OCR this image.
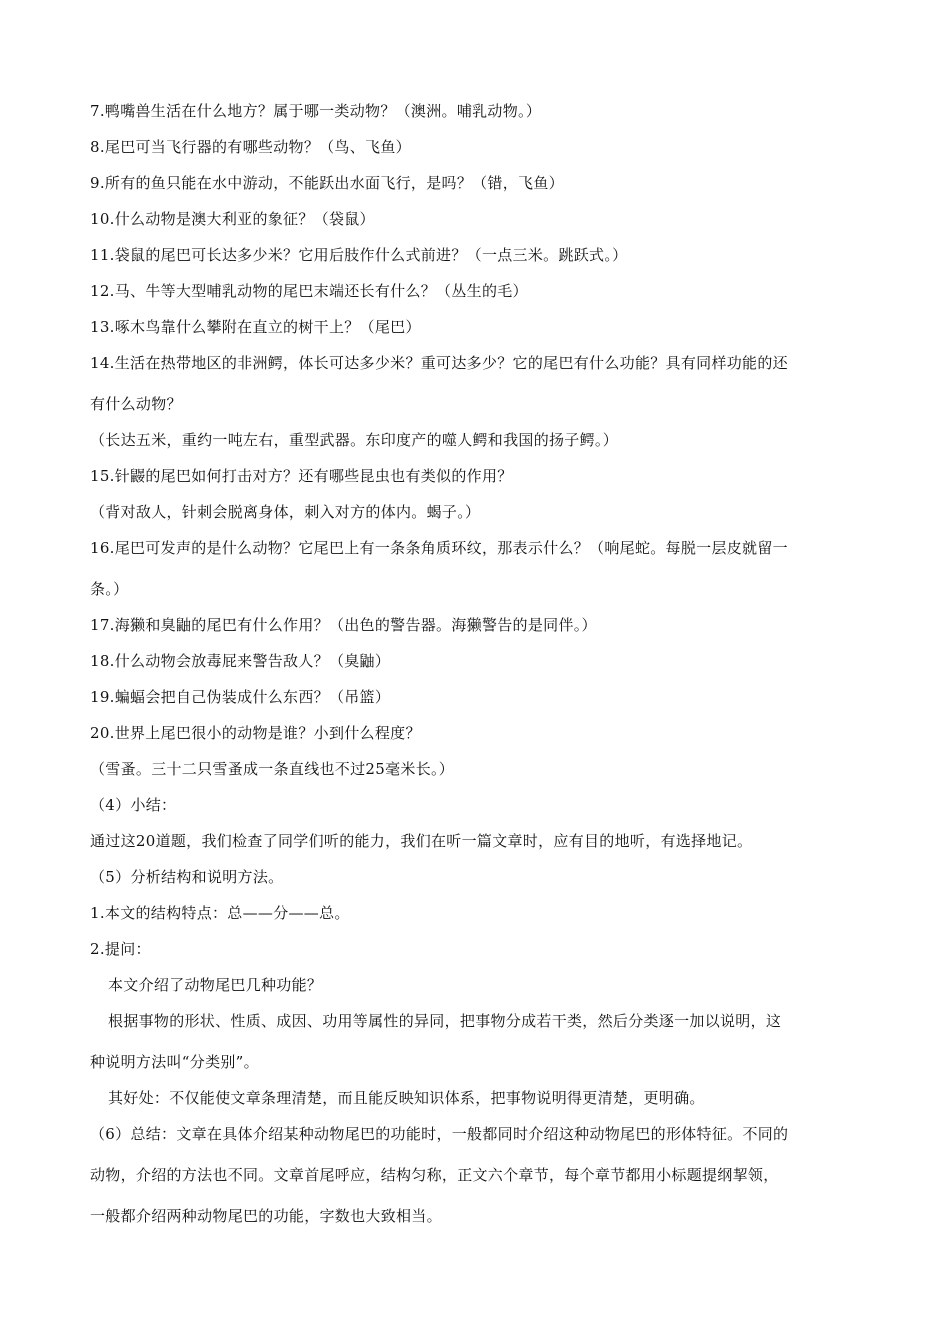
7.鸭嘴兽生活在什么地方？属于哪一类动物？（澳洲。哺乳动物。）
8.尾巴可当飞行器的有哪些动物？（鸟、飞鱼）
9.所有的鱼只能在水中游动，不能跃出水面飞行，是吗？（错，飞鱼）
10.什么动物是澳大利亚的象征？（袋鼠）
11.袋鼠的尾巴可长达多少米？它用后肢作什么式前进？（一点三米。跳跃式。）
12.马、牛等大型哺乳动物的尾巴末端还长有什么？（丛生的毛）
13.啄木鸟靠什么攀附在直立的树干上？（尾巴）
14.生活在热带地区的非洲鳄，体长可达多少米？重可达多少？它的尾巴有什么功能？具有同样功能的还
有什么动物？
（长达五米，重约一吨左右，重型武器。东印度产的噬人鳄和我国的扬子鳄。）
15.针鼹的尾巴如何打击对方？还有哪些昆虫也有类似的作用？
（背对敌人，针刺会脱离身体，刺入对方的体内。蝎子。）
16.尾巴可发声的是什么动物？它尾巴上有一条条角质环纹，那表示什么？（响尾蛇。每脱一层皮就留一
条。）
17.海獭和臭鼬的尾巴有什么作用？（出色的警告器。海獭警告的是同伴。）
18.什么动物会放毒屁来警告敌人？（臭鼬）
19.蝙蝠会把自己伪装成什么东西？（吊篮）
20.世界上尾巴很小的动物是谁？小到什么程度？
（雪蚤。三十二只雪蚤成一条直线也不过25毫米长。）
（4）小结：
通过这20道题，我们检查了同学们听的能力，我们在听一篇文章时，应有目的地听，有选择地记。
（5）分析结构和说明方法。
1.本文的结构特点：总——分——总。
2.提问：
本文介绍了动物尾巴几种功能？
根据事物的形状、性质、成因、功用等属性的异同，把事物分成若干类，然后分类逐一加以说明，这
种说明方法叫“分类别”。
其好处：不仅能使文章条理清楚，而且能反映知识体系，把事物说明得更清楚，更明确。
（6）总结：文章在具体介绍某种动物尾巴的功能时，一般都同时介绍这种动物尾巴的形体特征。不同的
动物，介绍的方法也不同。文章首尾呼应，结构匀称，正文六个章节，每个章节都用小标题提纲挈领，
一般都介绍两种动物尾巴的功能，字数也大致相当。
